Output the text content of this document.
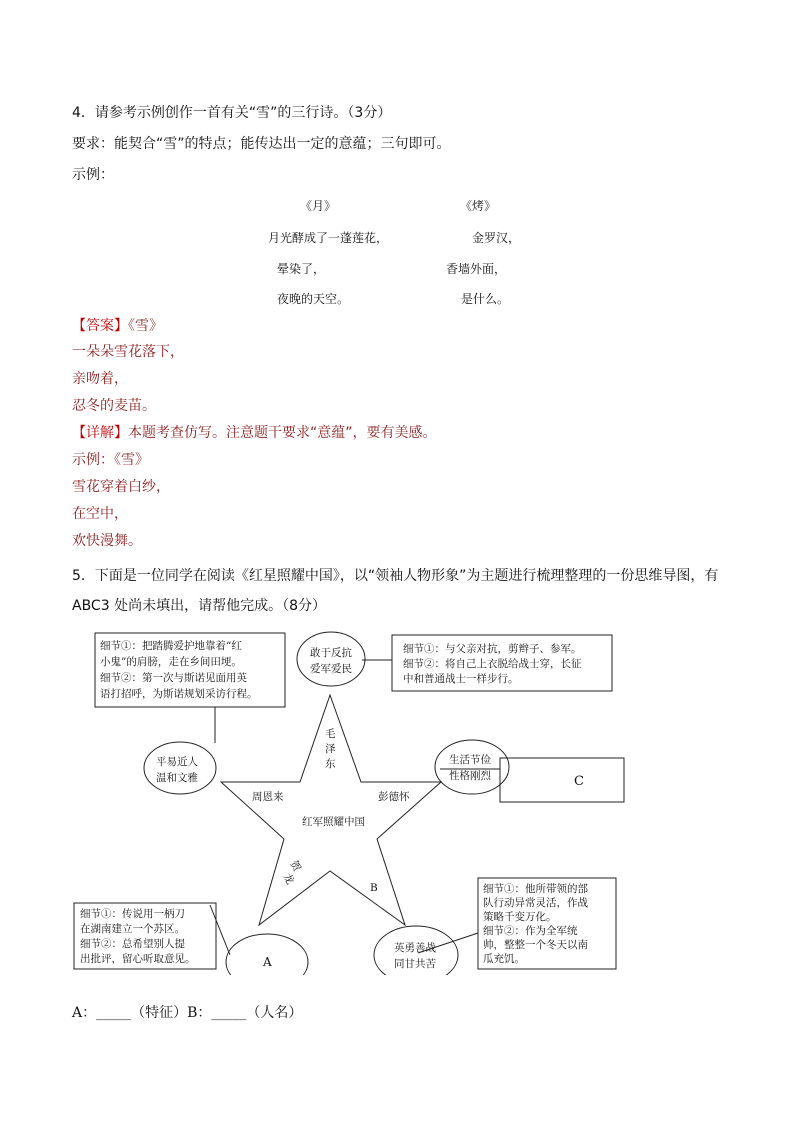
4．请参考示例创作一首有关“雪”的三行诗。（3分）
要求：能契合“雪”的特点；能传达出一定的意蕴；三句即可。
示例：
《月》
月光酵成了一蓬莲花，
晕染了，
夜晚的天空。
《烤》
金罗汉，
香墙外面，
是什么。
【答案】《雪》
一朵朵雪花落下，
亲吻着，
忍冬的麦苗。
【详解】本题考查仿写。注意题干要求“意蕴”，要有美感。
示例：《雪》
雪花穿着白纱，
在空中，
欢快漫舞。
5．下面是一位同学在阅读《红星照耀中国》，以“领袖人物形象”为主题进行梳理整理的一份思维导图，有
ABC3 处尚未填出，请帮他完成。（8分）
细节①：把踏腾爱护地靠着“红
小鬼”的肩膀，走在乡间田埂。
细节②：第一次与斯诺见面用英
语打招呼，为斯诺规划采访行程。
敢于反抗
爱军爱民
细节①：与父亲对抗，剪辫子、参军。
细节②：将自己上衣脱给战士穿，长征
中和普通战士一样步行。
平易近人
温和文雅
生活节俭
性格刚烈	C
毛
泽
东
周恩来	彭德怀
红军照耀中国
贺
龙
B
细节①：传说用一柄刀
在湖南建立一个苏区。
细节②：总希望别人提
出批评，留心听取意见。	A
英勇善战
同甘共苦
细节①：他所带领的部
队行动异常灵活，作战
策略千变万化。
细节②：作为全军统
帅，整整一个冬天以南
瓜充饥。
A：_____（特征）B：_____（人名）
